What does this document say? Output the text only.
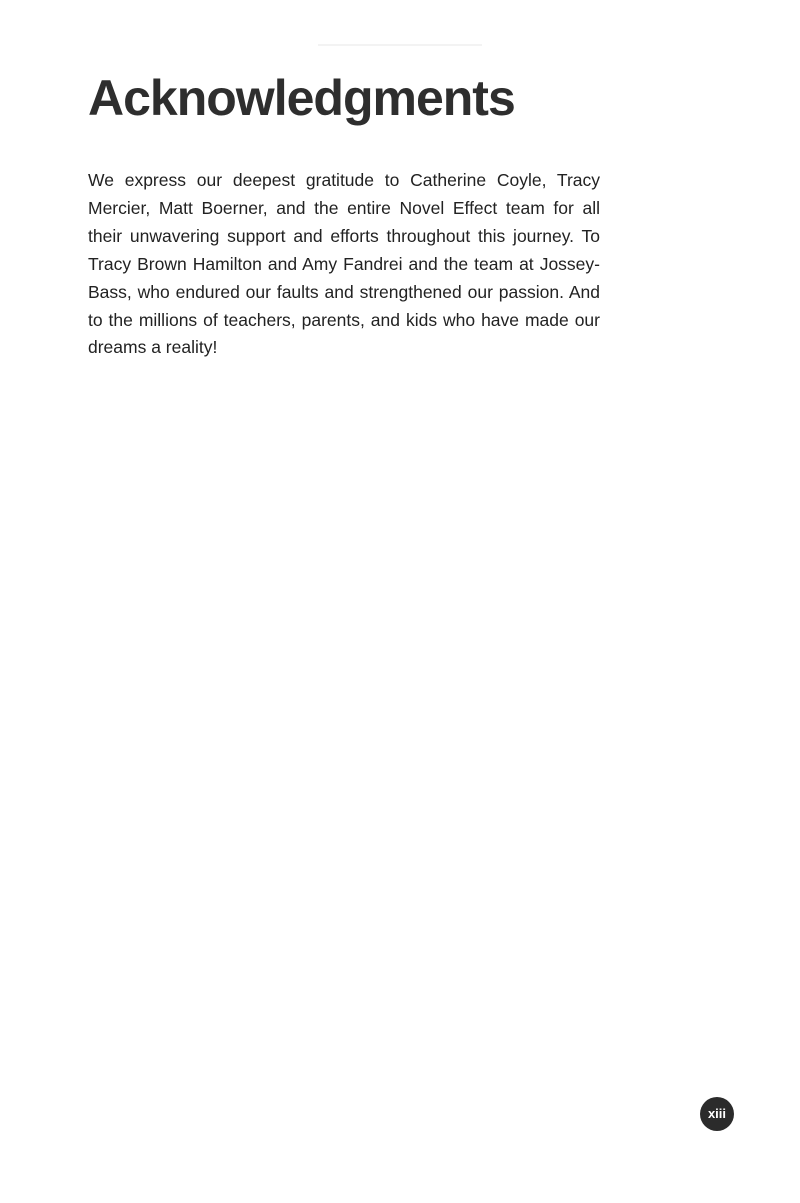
Acknowledgments

We express our deepest gratitude to Catherine Coyle, Tracy Mercier, Matt Boerner, and the entire Novel Effect team for all their unwavering support and efforts throughout this journey. To Tracy Brown Hamilton and Amy Fandrei and the team at Jossey-Bass, who endured our faults and strengthened our passion. And to the millions of teachers, parents, and kids who have made our dreams a reality!

xiii
